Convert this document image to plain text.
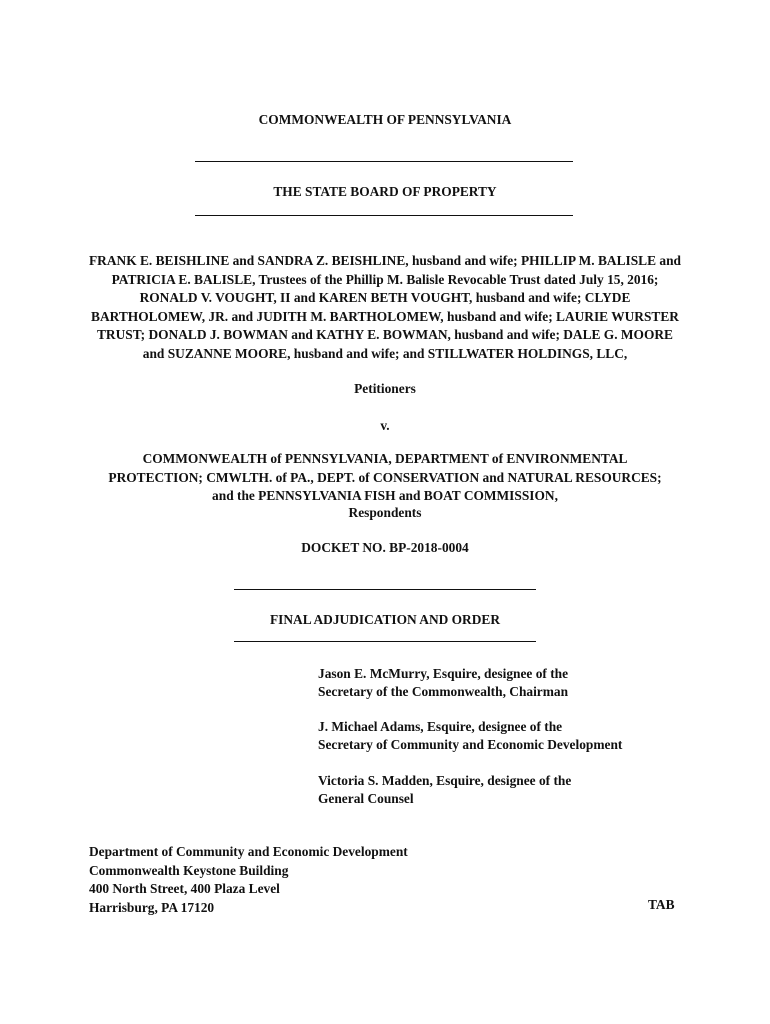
COMMONWEALTH OF PENNSYLVANIA
THE STATE BOARD OF PROPERTY
FRANK E. BEISHLINE and SANDRA Z. BEISHLINE, husband and wife; PHILLIP M. BALISLE and PATRICIA E. BALISLE, Trustees of the Phillip M. Balisle Revocable Trust dated July 15, 2016; RONALD V. VOUGHT, II and KAREN BETH VOUGHT, husband and wife; CLYDE BARTHOLOMEW, JR. and JUDITH M. BARTHOLOMEW, husband and wife; LAURIE WURSTER TRUST; DONALD J. BOWMAN and KATHY E. BOWMAN, husband and wife; DALE G. MOORE and SUZANNE MOORE, husband and wife; and STILLWATER HOLDINGS, LLC,
Petitioners
v.
COMMONWEALTH of PENNSYLVANIA, DEPARTMENT of ENVIRONMENTAL PROTECTION; CMWLTH. of PA., DEPT. of CONSERVATION and NATURAL RESOURCES; and the PENNSYLVANIA FISH and BOAT COMMISSION,
Respondents
DOCKET NO. BP-2018-0004
FINAL ADJUDICATION AND ORDER
Jason E. McMurry, Esquire, designee of the
Secretary of the Commonwealth, Chairman
J. Michael Adams, Esquire, designee of the
Secretary of Community and Economic Development
Victoria S. Madden, Esquire, designee of the
General Counsel
Department of Community and Economic Development
Commonwealth Keystone Building
400 North Street, 400 Plaza Level
Harrisburg, PA 17120	TAB
